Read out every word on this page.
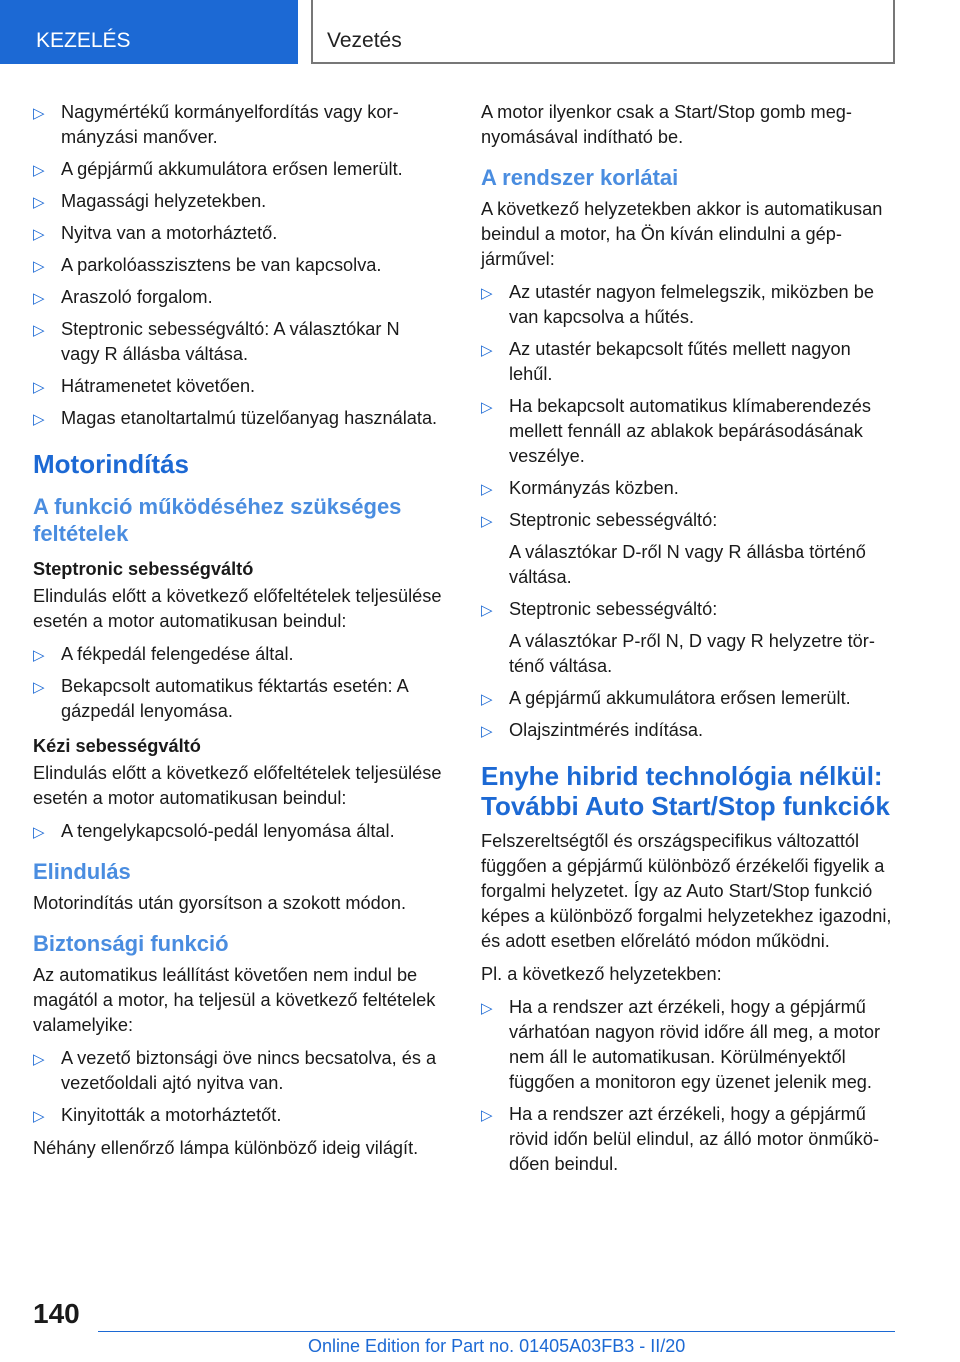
KEZELÉS	Vezetés
▷ Nagymértékű kormányelfordítás vagy kormányzási manőver.
▷ A gépjármű akkumulátora erősen lemerült.
▷ Magassági helyzetekben.
▷ Nyitva van a motorháztető.
▷ A parkolóasszisztens be van kapcsolva.
▷ Araszoló forgalom.
▷ Steptronic sebességváltó: A választókar N vagy R állásba váltása.
▷ Hátramenetet követően.
▷ Magas etanoltartalmú tüzelőanyag használata.
Motorindítás
A funkció működéséhez szükséges feltételek
Steptronic sebességváltó

Elindulás előtt a következő előfeltételek teljesülése esetén a motor automatikusan beindul:

▷ A fékpedál felengedése által.
▷ Bekapcsolt automatikus féktartás esetén: A gázpedál lenyomása.
Kézi sebességváltó

Elindulás előtt a következő előfeltételek teljesülése esetén a motor automatikusan beindul:

▷ A tengelykapcsoló-pedál lenyomása által.
Elindulás

Motorindítás után gyorsítson a szokott módon.

Biztonsági funkció

Az automatikus leállítást követően nem indul be magától a motor, ha teljesül a következő feltételek valamelyike:

▷ A vezető biztonsági öve nincs becsatolva, és a vezetőoldali ajtó nyitva van.
▷ Kinyitották a motorháztetőt.

Néhány ellenőrző lámpa különböző ideig világít.

A motor ilyenkor csak a Start/Stop gomb megnyomásával indítható be.

A rendszer korlátai

A következő helyzetekben akkor is automatikusan beindul a motor, ha Ön kíván elindulni a gépjárművel:

▷ Az utastér nagyon felmelegszik, miközben be van kapcsolva a hűtés.
▷ Az utastér bekapcsolt fűtés mellett nagyon lehűl.
▷ Ha bekapcsolt automatikus klímaberendezés mellett fennáll az ablakok bepárásodásának veszélye.
▷ Kormányzás közben.
▷ Steptronic sebességváltó:
A választókar D-ről N vagy R állásba történő váltása.
▷ Steptronic sebességváltó:
A választókar P-ről N, D vagy R helyzetre történő váltása.
▷ A gépjármű akkumulátora erősen lemerült.
▷ Olajszintmérés indítása.
Enyhe hibrid technológia nélkül: További Auto Start/Stop funkciók

Felszereltségtől és országspecifikus változattól függően a gépjármű különböző érzékelői figyelik a forgalmi helyzetet. Így az Auto Start/Stop funkció képes a különböző forgalmi helyzetekhez igazodni, és adott esetben előrelátó módon működni.

Pl. a következő helyzetekben:

▷ Ha a rendszer azt érzékeli, hogy a gépjármű várhatóan nagyon rövid időre áll meg, a motor nem áll le automatikusan. Körülményektől függően a monitoron egy üzenet jelenik meg.
▷ Ha a rendszer azt érzékeli, hogy a gépjármű rövid időn belül elindul, az álló motor önműködően beindul.
140
Online Edition for Part no. 01405A03FB3 - II/20
